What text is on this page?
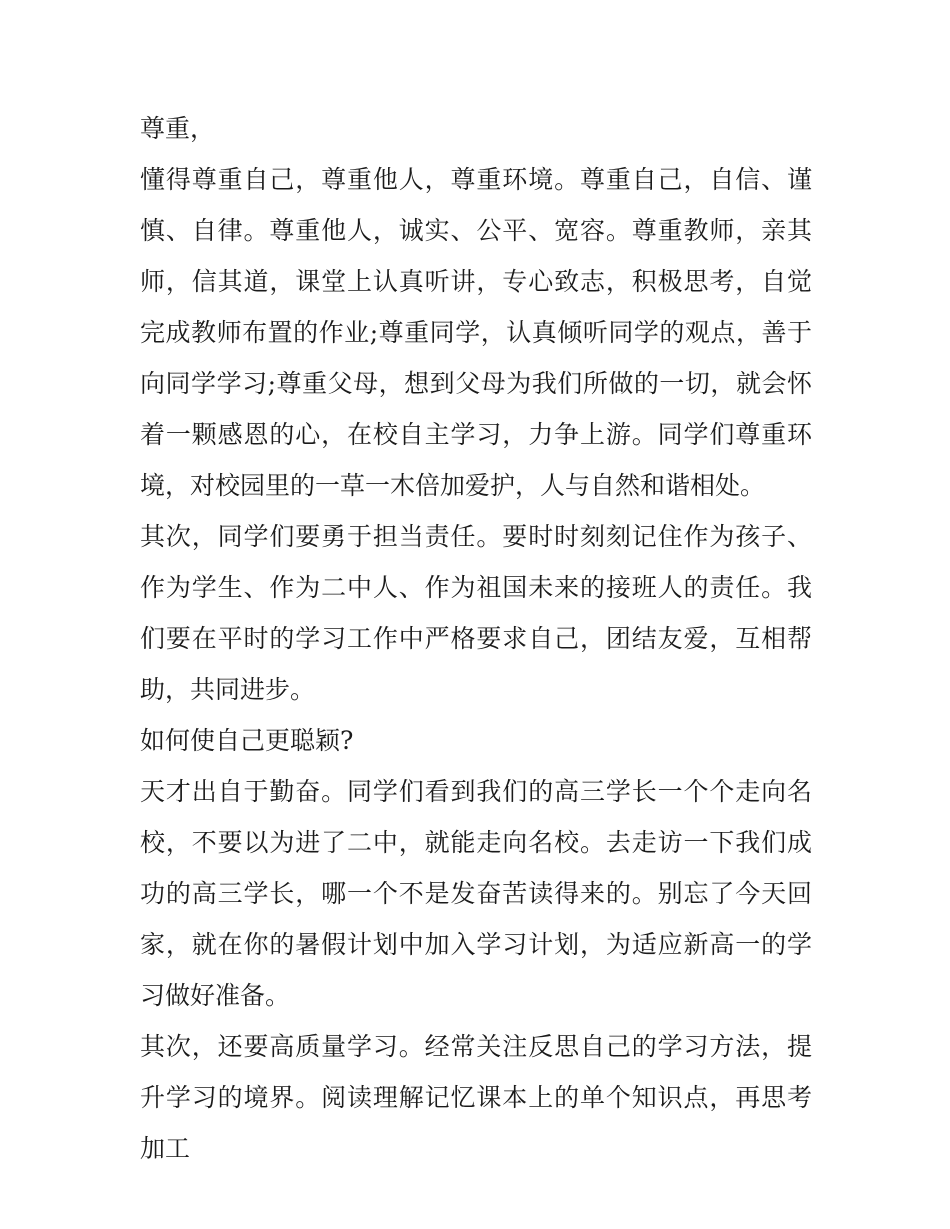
尊重，

懂得尊重自己，尊重他人，尊重环境。尊重自己，自信、谨慎、自律。尊重他人，诚实、公平、宽容。尊重教师，亲其师，信其道，课堂上认真听讲，专心致志，积极思考，自觉完成教师布置的作业;尊重同学，认真倾听同学的观点，善于向同学学习;尊重父母，想到父母为我们所做的一切，就会怀着一颗感恩的心，在校自主学习，力争上游。同学们尊重环境，对校园里的一草一木倍加爱护，人与自然和谐相处。

其次，同学们要勇于担当责任。要时时刻刻记住作为孩子、作为学生、作为二中人、作为祖国未来的接班人的责任。我们要在平时的学习工作中严格要求自己，团结友爱，互相帮助，共同进步。

如何使自己更聪颖?

天才出自于勤奋。同学们看到我们的高三学长一个个走向名校，不要以为进了二中，就能走向名校。去走访一下我们成功的高三学长，哪一个不是发奋苦读得来的。别忘了今天回家，就在你的暑假计划中加入学习计划，为适应新高一的学习做好准备。

其次，还要高质量学习。经常关注反思自己的学习方法，提升学习的境界。阅读理解记忆课本上的单个知识点，再思考加工
